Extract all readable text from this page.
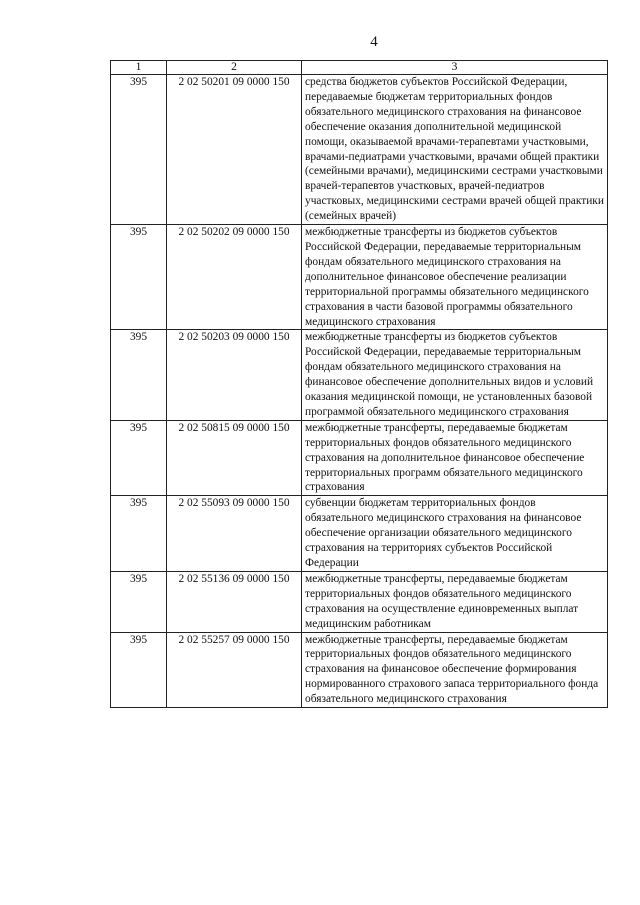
4
1	2	3
395	2 02 50201 09 0000 150	средства бюджетов субъектов Российской Федерации, передаваемые бюджетам территориальных фондов обязательного медицинского страхования на финансовое обеспечение оказания дополнительной медицинской помощи, оказываемой врачами-терапевтами участковыми, врачами-педиатрами участковыми, врачами общей практики (семейными врачами), медицинскими сестрами участковыми врачей-терапевтов участковых, врачей-педиатров участковых, медицинскими сестрами врачей общей практики (семейных врачей)
395	2 02 50202 09 0000 150	межбюджетные трансферты из бюджетов субъектов Российской Федерации, передаваемые территориальным фондам обязательного медицинского страхования на дополнительное финансовое обеспечение реализации территориальной программы обязательного медицинского страхования в части базовой программы обязательного медицинского страхования
395	2 02 50203 09 0000 150	межбюджетные трансферты из бюджетов субъектов Российской Федерации, передаваемые территориальным фондам обязательного медицинского страхования на финансовое обеспечение дополнительных видов и условий оказания медицинской помощи, не установленных базовой программой обязательного медицинского страхования
395	2 02 50815 09 0000 150	межбюджетные трансферты, передаваемые бюджетам территориальных фондов обязательного медицинского страхования на дополнительное финансовое обеспечение территориальных программ обязательного медицинского страхования
395	2 02 55093 09 0000 150	субвенции бюджетам территориальных фондов обязательного медицинского страхования на финансовое обеспечение организации обязательного медицинского страхования на территориях субъектов Российской Федерации
395	2 02 55136 09 0000 150	межбюджетные трансферты, передаваемые бюджетам территориальных фондов обязательного медицинского страхования на осуществление единовременных выплат медицинским работникам
395	2 02 55257 09 0000 150	межбюджетные трансферты, передаваемые бюджетам территориальных фондов обязательного медицинского страхования на финансовое обеспечение формирования нормированного страхового запаса территориального фонда обязательного медицинского страхования
